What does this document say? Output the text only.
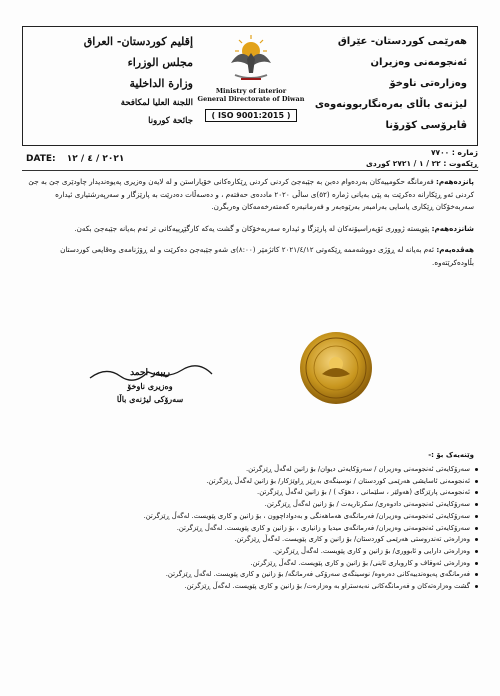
هەرێمی کوردستان- عێراق
ئەنجومەنی وەزیران
وەزارەتی ناوخۆ
لیژنەی باڵای بەرەنگاربوونەوەی
ڤایرۆسی کۆرۆنا
Ministry of interior
General Directorate of Diwan
( ISO 9001:2015 )
إقليم كوردستان- العراق
مجلس الوزراء
وزارة الداخلية
اللجنة العليا لمكافحة
جائحة كورونا
ژمارە : ٧٧٠٠
ڕێکەوت : ٢٢ / ١ / ٢٧٢١ کوردی
DATE: ٢٠٢١ / ٤ / ١٢

پانزدەهەم: فەرمانگە حکومییەکان بەردەوام دەبن بە جێبەجێ کردنی کردنی ڕێکارەکانی خۆپاراستن و لە لایەن وەزیری پەیوەندیدار چاودێری جێ بە جێ کردنی ئەو ڕێکارانە دەکرێت بە پێی بەیانی ژمارە (٥٢)ی ساڵی ٢٠٢٠ ماددەی حەفتەم ، و دەسەڵات دەدرێت بە پارێزگار و سەرپەرشتیاری ئیدارە سەربەخۆکان ڕێکاری یاسایی بەرامبەر بەرێوەبەر و فەرمانبەرە کەمتەرخەمەکان وەربگرن.

شانزدەهەم: پێویستە ژووری ئۆپەراسیۆنەکان لە پارێزگا و ئیدارە سەربەخۆکان و گشت یەکە کارگێڕییەکانی تر ئەم بەیانە جێبەجێ بکەن.

هەڤدەیەم: ئەم بەیانە لە ڕۆژی دووشەممە ڕێکەوتی ٢٠٢١/٤/١٢ کاتژمێر (٨:٠٠)ی شەو جێبەجێ دەکرێت و لە ڕۆژنامەی وەقایعی کوردستان بڵاودەکرێتەوە.

ریبەر احمد
وەزیری ناوخۆ
سەرۆکی لیژنەی باڵا
وێنەیەک بۆ :-
سەرۆکایەتی ئەنجومەنی وەزیران / سەرۆکایەتی دیوان/ بۆ زانین لەگەڵ ڕێزگرتن.
ئەنجومەنی ئاسایشی هەرێمی کوردستان / نوسینگەی بەڕێز ڕاوێژکار/ بۆ زانین لەگەڵ ڕێزگرتن.
ئەنجومەنی پارێزگای (هەولێر ، سلێمانی ، دهۆک ) / بۆ زانین لەگەڵ ڕێزگرتن.
سەرۆکایەتی ئەنجومەنی دادوەری/ سکرتاریەت / بۆ زانین لەگەڵ ڕێزگرتن.
سەرۆکایەتی ئەنجومەنی وەزیران/ فەرمانگەی هەماهەنگی و بەدواداچوون ، بۆ زانین و کاری پێویست. لەگەڵ ڕێزگرتن.
سەرۆکایەتی ئەنجومەنی وەزیران/ فەرمانگەی میدیا و زانیاری ، بۆ زانین و کاری پێویست. لەگەڵ ڕێزگرتن.
وەزارەتی تەندروستی هەرێمی کوردستان/ بۆ زانین و کاری پێویست. لەگەڵ ڕێزگرتن.
وەزارەتی دارایی و ئابووری/ بۆ زانین و کاری پێویست. لەگەڵ ڕێزگرتن.
وەزارەتی ئەوقاف و کاروباری ئاینی/ بۆ زانین و کاری پێویست. لەگەڵ ڕێزگرتن.
فەرمانگەی پەیوەندییەکانی دەرەوە/ نوسینگەی سەرۆکی فەرمانگە/ بۆ زانین و کاری پێویست. لەگەڵ ڕێزگرتن.
گشت وەزارەتەکان و فەرمانگەکانی نەبەستراو بە وەزارەت/ بۆ زانین و کاری پێویست. لەگەڵ ڕێزگرتن.
